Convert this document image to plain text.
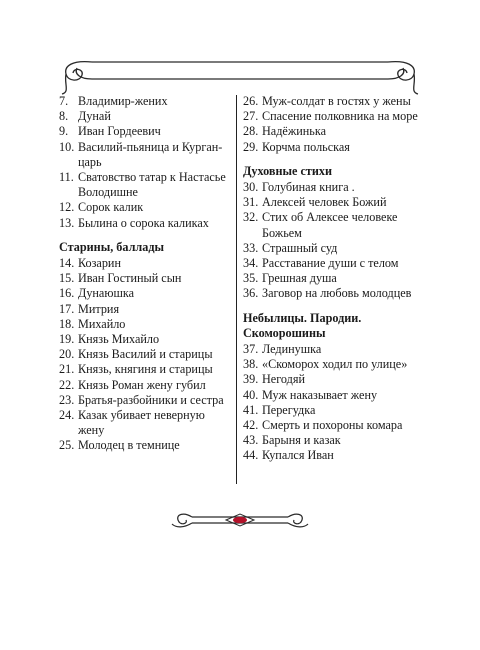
7. Владимир-жених
8. Дунай
9. Иван Гордеевич
10. Василий-пьяница и Курган-царь
11. Сватовство татар к Настасье Володишне
12. Сорок калик
13. Былина о сорока каликах
Старины, баллады
14. Козарин
15. Иван Гостиный сын
16. Дунаюшка
17. Митрия
18. Михайло
19. Князь Михайло
20. Князь Василий и старицы
21. Князь, княгиня и старицы
22. Князь Роман жену губил
23. Братья-разбойники и сестра
24. Казак убивает неверную жену
25. Молодец в темнице
26. Муж-солдат в гостях у жены
27. Спасение полковника на море
28. Надёжинька
29. Корчма польская
Духовные стихи
30. Голубиная книга .
31. Алексей человек Божий
32. Стих об Алексее человеке Божьем
33. Страшный суд
34. Расставание души с телом
35. Грешная душа
36. Заговор на любовь молодцев
Небылицы. Пародии. Скоморошины
37. Лединушка
38. «Скоморох ходил по улице»
39. Негодяй
40. Муж наказывает жену
41. Перегудка
42. Смерть и похороны комара
43. Барыня и казак
44. Купался Иван
